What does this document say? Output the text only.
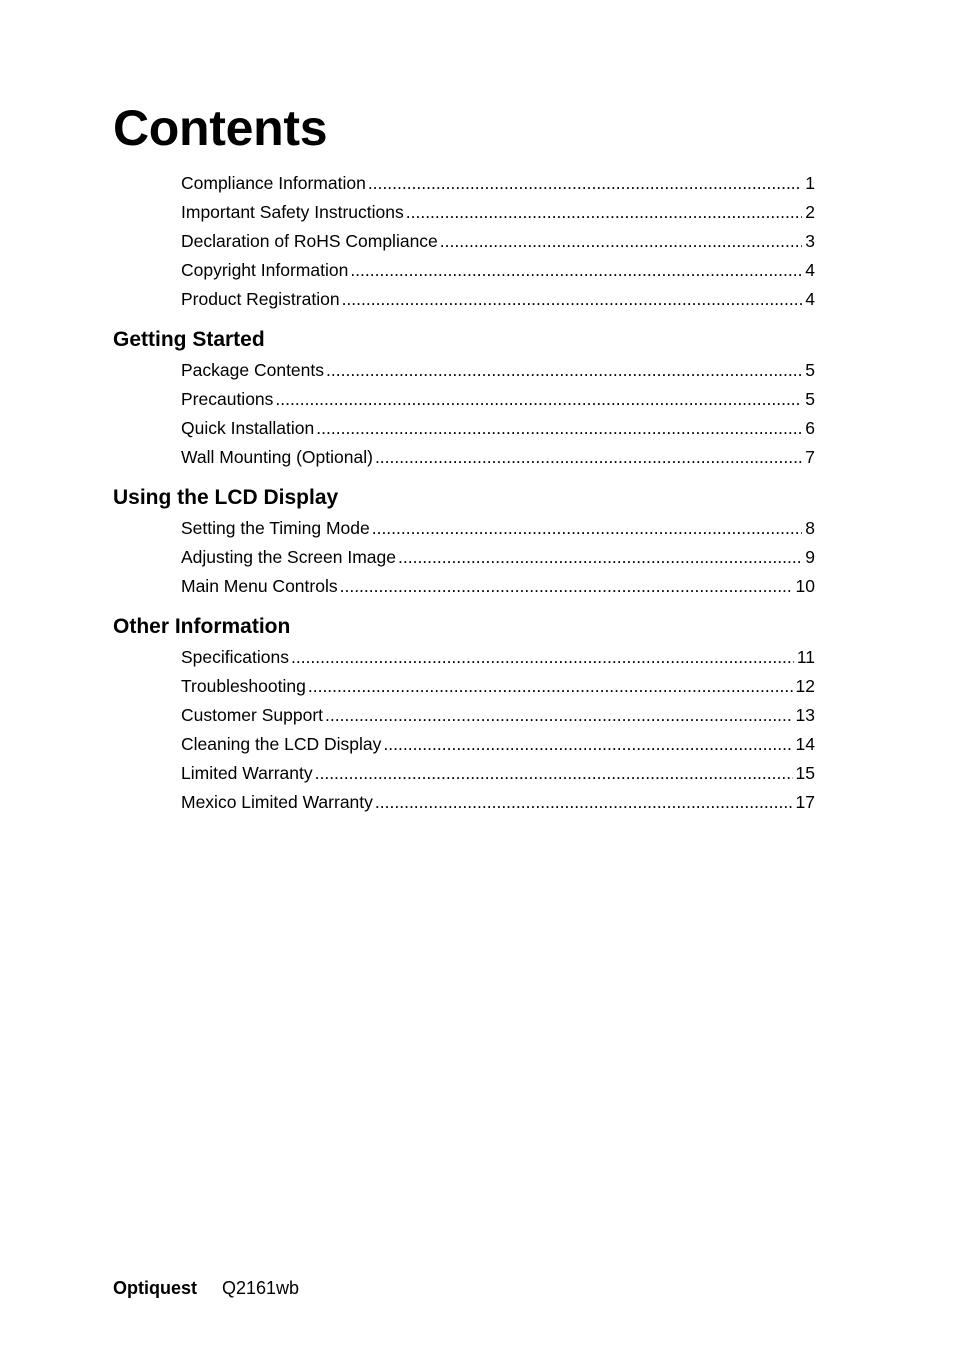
Contents
Compliance Information .....	1
Important Safety Instructions .....	2
Declaration of RoHS Compliance .....	3
Copyright Information .....	4
Product Registration .....	4
Getting Started
Package Contents .....	5
Precautions .....	5
Quick Installation .....	6
Wall Mounting (Optional) .....	7
Using the LCD Display
Setting the Timing Mode .....	8
Adjusting the Screen Image .....	9
Main Menu Controls .....	10
Other Information
Specifications .....	11
Troubleshooting .....	12
Customer Support .....	13
Cleaning the LCD Display .....	14
Limited Warranty .....	15
Mexico Limited Warranty .....	17
Optiquest Q2161wb
